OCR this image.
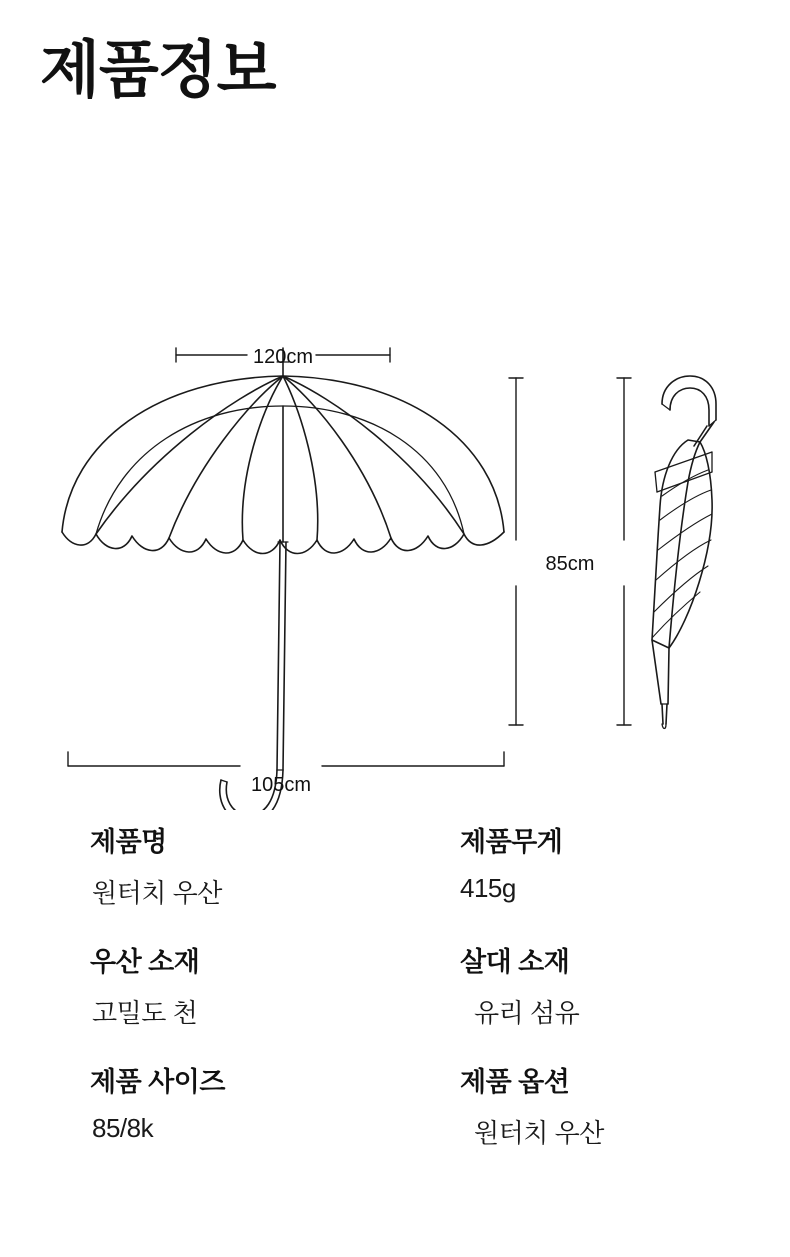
제품정보
120cm
85cm
105cm
제품명
원터치 우산
제품무게
415g
우산 소재
고밀도 천
살대 소재
유리 섬유
제품 사이즈
85/8k
제품 옵션
원터치 우산
